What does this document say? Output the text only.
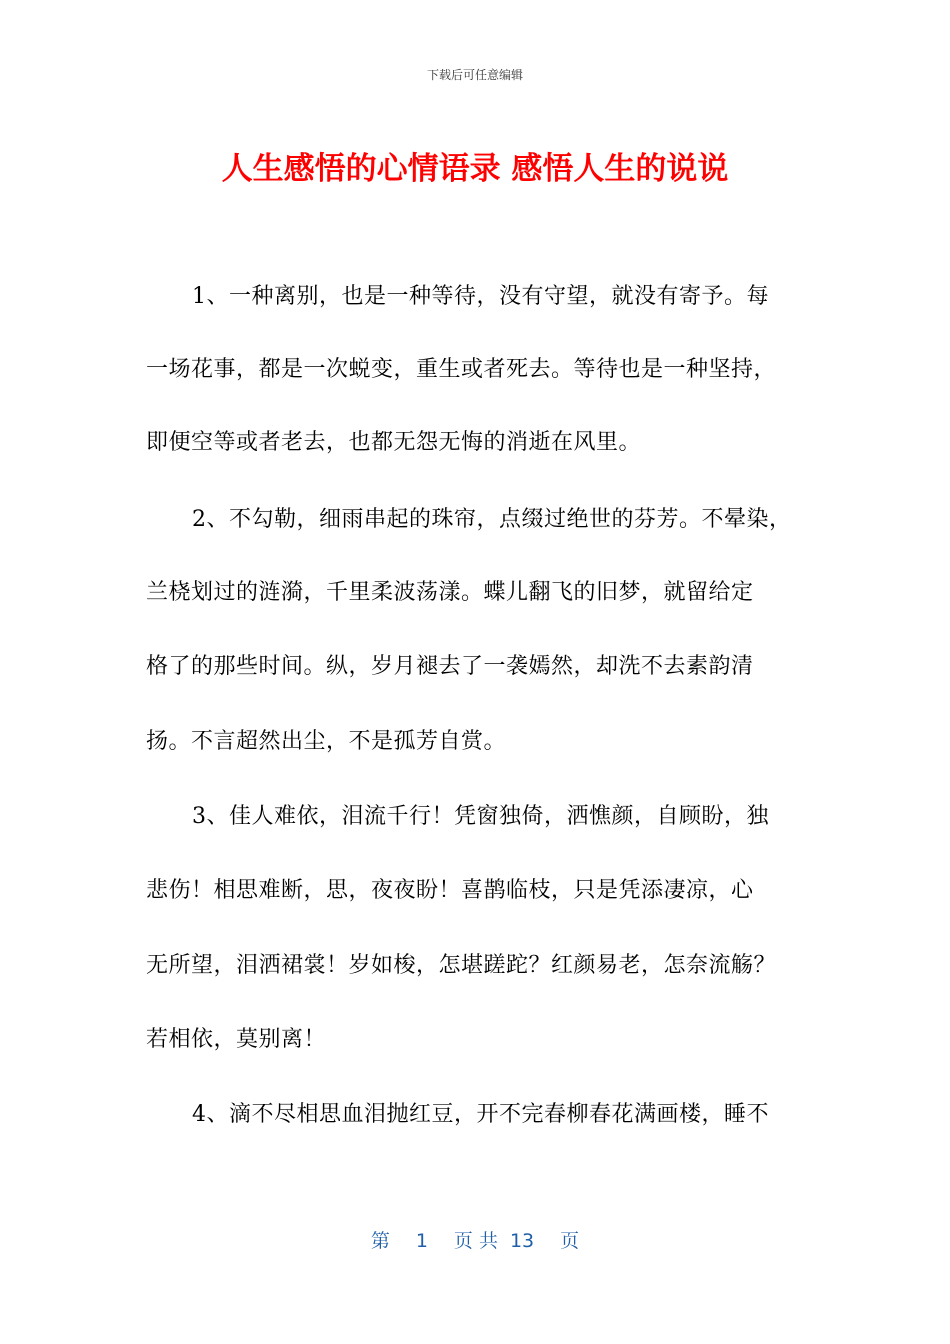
下载后可任意编辑
人生感悟的心情语录 感悟人生的说说
1、一种离别，也是一种等待，没有守望，就没有寄予。每
一场花事，都是一次蜕变，重生或者死去。等待也是一种坚持，
即便空等或者老去，也都无怨无悔的消逝在风里。
2、不勾勒，细雨串起的珠帘，点缀过绝世的芬芳。不晕染，
兰桡划过的涟漪，千里柔波荡漾。蝶儿翻飞的旧梦，就留给定
格了的那些时间。纵，岁月褪去了一袭嫣然，却洗不去素韵清
扬。不言超然出尘，不是孤芳自赏。
3、佳人难依，泪流千行！凭窗独倚，洒憔颜，自顾盼，独
悲伤！相思难断，思，夜夜盼！喜鹊临枝，只是凭添凄凉，心
无所望，泪洒裙裳！岁如梭，怎堪蹉跎？红颜易老，怎奈流觞？
若相依，莫别离！
4、滴不尽相思血泪抛红豆，开不完春柳春花满画楼，睡不
第 1 页 共 13 页
